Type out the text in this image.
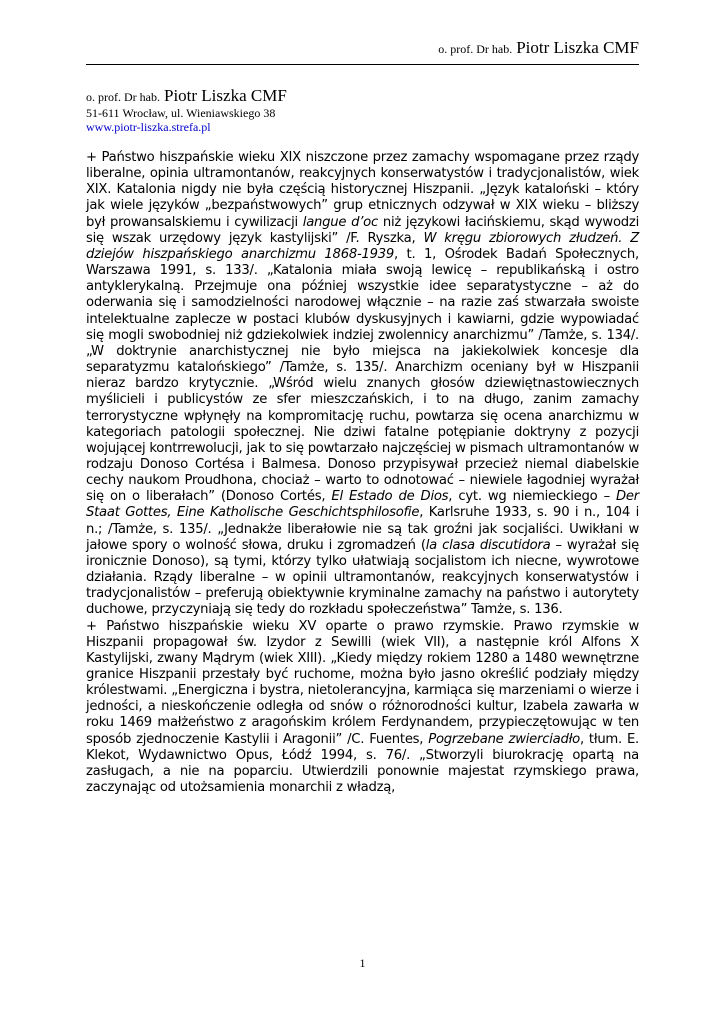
o. prof. Dr hab. Piotr Liszka CMF
o. prof. Dr hab. Piotr Liszka CMF
51-611 Wrocław, ul. Wieniawskiego 38
www.piotr-liszka.strefa.pl

+ Państwo hiszpańskie wieku XIX niszczone przez zamachy wspomagane przez rządy liberalne, opinia ultramontanów, reakcyjnych konserwatystów i tradycjonalistów, wiek XIX. Katalonia nigdy nie była częścią historycznej Hiszpanii. „Język kataloński – który jak wiele języków „bezpaństwowych” grup etnicznych odzywał w XIX wieku – bliższy był prowansalskiemu i cywilizacji langue d’oc niż językowi łacińskiemu, skąd wywodzi się wszak urzędowy język kastylijski” /F. Ryszka, W kręgu zbiorowych złudzeń. Z dziejów hiszpańskiego anarchizmu 1868-1939, t. 1, Ośrodek Badań Społecznych, Warszawa 1991, s. 133/. „Katalonia miała swoją lewicę – republikańską i ostro antyklerykalną. Przejmuje ona później wszystkie idee separatystyczne – aż do oderwania się i samodzielności narodowej włącznie – na razie zaś stwarzała swoiste intelektualne zaplecze w postaci klubów dyskusyjnych i kawiarni, gdzie wypowiadać się mogli swobodniej niż gdziekolwiek indziej zwolennicy anarchizmu” /Tamże, s. 134/. „W doktrynie anarchistycznej nie było miejsca na jakiekolwiek koncesje dla separatyzmu katalońskiego” /Tamże, s. 135/. Anarchizm oceniany był w Hiszpanii nieraz bardzo krytycznie. „Wśród wielu znanych głosów dziewiętnastowiecznych myślicieli i publicystów ze sfer mieszczańskich, i to na długo, zanim zamachy terrorystyczne wpłynęły na kompromitację ruchu, powtarza się ocena anarchizmu w kategoriach patologii społecznej. Nie dziwi fatalne potępianie doktryny z pozycji wojującej kontrrewolucji, jak to się powtarzało najczęściej w pismach ultramontanów w rodzaju Donoso Cortésa i Balmesa. Donoso przypisywał przecież niemal diabelskie cechy naukom Proudhona, chociaż – warto to odnotować – niewiele łagodniej wyrażał się on o liberałach” (Donoso Cortés, El Estado de Dios, cyt. wg niemieckiego – Der Staat Gottes, Eine Katholische Geschichtsphilosofie, Karlsruhe 1933, s. 90 i n., 104 i n.; /Tamże, s. 135/. „Jednakże liberałowie nie są tak groźni jak socjaliści. Uwikłani w jałowe spory o wolność słowa, druku i zgromadzeń (la clasa discutidora – wyrażał się ironicznie Donoso), są tymi, którzy tylko ułatwiają socjalistom ich niecne, wywrotowe działania. Rządy liberalne – w opinii ultramontanów, reakcyjnych konserwatystów i tradycjonalistów – preferują obiektywnie kryminalne zamachy na państwo i autorytety duchowe, przyczyniają się tedy do rozkładu społeczeństwa” Tamże, s. 136.

+ Państwo hiszpańskie wieku XV oparte o prawo rzymskie. Prawo rzymskie w Hiszpanii propagował św. Izydor z Sewilli (wiek VII), a następnie król Alfons X Kastylijski, zwany Mądrym (wiek XIII). „Kiedy między rokiem 1280 a 1480 wewnętrzne granice Hiszpanii przestały być ruchome, można było jasno określić podziały między królestwami. „Energiczna i bystra, nietolerancyjna, karmiąca się marzeniami o wierze i jedności, a nieskończenie odległa od snów o różnorodności kultur, Izabela zawarła w roku 1469 małżeństwo z aragońskim królem Ferdynandem, przypieczętowując w ten sposób zjednoczenie Kastylii i Aragonii” /C. Fuentes, Pogrzebane zwierciadło, tłum. E. Klekot, Wydawnictwo Opus, Łódź 1994, s. 76/. „Stworzyli biurokrację opartą na zasługach, a nie na poparciu. Utwierdzili ponownie majestat rzymskiego prawa, zaczynając od utożsamienia monarchii z władzą,

1
